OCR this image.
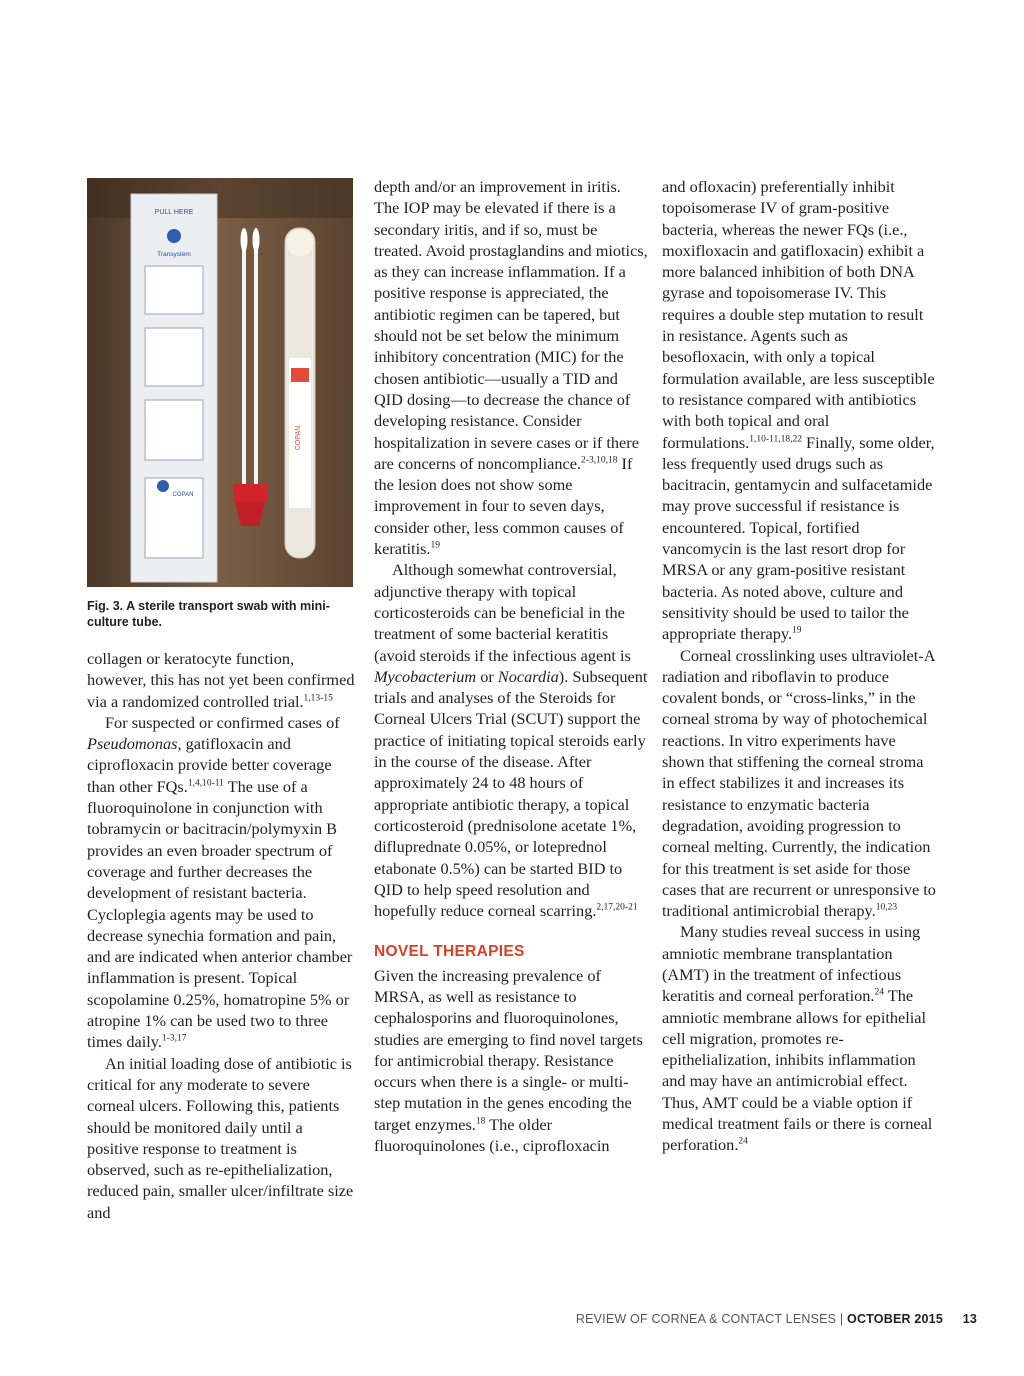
PULL HERE
Transystem
COPAN
COPAN
Fig. 3. A sterile transport swab with mini-culture tube.

collagen or keratocyte function, however, this has not yet been confirmed via a randomized controlled trial.$^{1,13-15}$

For suspected or confirmed cases of Pseudomonas, gatifloxacin and ciprofloxacin provide better coverage than other FQs.$^{1,4,10-11}$ The use of a fluoroquinolone in conjunction with tobramycin or bacitracin/polymyxin B provides an even broader spectrum of coverage and further decreases the development of resistant bacteria. Cycloplegia agents may be used to decrease synechia formation and pain, and are indicated when anterior chamber inflammation is present. Topical scopolamine 0.25%, homatropine 5% or atropine 1% can be used two to three times daily.$^{1-3,17}$

An initial loading dose of antibiotic is critical for any moderate to severe corneal ulcers. Following this, patients should be monitored daily until a positive response to treatment is observed, such as re-epithelialization, reduced pain, smaller ulcer/infiltrate size and

depth and/or an improvement in iritis. The IOP may be elevated if there is a secondary iritis, and if so, must be treated. Avoid prostaglandins and miotics, as they can increase inflammation. If a positive response is appreciated, the antibiotic regimen can be tapered, but should not be set below the minimum inhibitory concentration (MIC) for the chosen antibiotic—usually a TID and QID dosing—to decrease the chance of developing resistance. Consider hospitalization in severe cases or if there are concerns of noncompliance.$^{2-3,10,18}$ If the lesion does not show some improvement in four to seven days, consider other, less common causes of keratitis.$^{19}$

Although somewhat controversial, adjunctive therapy with topical corticosteroids can be beneficial in the treatment of some bacterial keratitis (avoid steroids if the infectious agent is Mycobacterium or Nocardia). Subsequent trials and analyses of the Steroids for Corneal Ulcers Trial (SCUT) support the practice of initiating topical steroids early in the course of the disease. After approximately 24 to 48 hours of appropriate antibiotic therapy, a topical corticosteroid (prednisolone acetate 1%, difluprednate 0.05%, or loteprednol etabonate 0.5%) can be started BID to QID to help speed resolution and hopefully reduce corneal scarring.$^{2,17,20-21}$

NOVEL THERAPIES

Given the increasing prevalence of MRSA, as well as resistance to cephalosporins and fluoroquinolones, studies are emerging to find novel targets for antimicrobial therapy. Resistance occurs when there is a single- or multi-step mutation in the genes encoding the target enzymes.$^{18}$ The older fluoroquinolones (i.e., ciprofloxacin

and ofloxacin) preferentially inhibit topoisomerase IV of gram-positive bacteria, whereas the newer FQs (i.e., moxifloxacin and gatifloxacin) exhibit a more balanced inhibition of both DNA gyrase and topoisomerase IV. This requires a double step mutation to result in resistance. Agents such as besofloxacin, with only a topical formulation available, are less susceptible to resistance compared with antibiotics with both topical and oral formulations.$^{1,10-11,18,22}$ Finally, some older, less frequently used drugs such as bacitracin, gentamycin and sulfacetamide may prove successful if resistance is encountered. Topical, fortified vancomycin is the last resort drop for MRSA or any gram-positive resistant bacteria. As noted above, culture and sensitivity should be used to tailor the appropriate therapy.$^{19}$

Corneal crosslinking uses ultraviolet-A radiation and riboflavin to produce covalent bonds, or “cross-links,” in the corneal stroma by way of photochemical reactions. In vitro experiments have shown that stiffening the corneal stroma in effect stabilizes it and increases its resistance to enzymatic bacteria degradation, avoiding progression to corneal melting. Currently, the indication for this treatment is set aside for those cases that are recurrent or unresponsive to traditional antimicrobial therapy.$^{10,23}$

Many studies reveal success in using amniotic membrane transplantation (AMT) in the treatment of infectious keratitis and corneal perforation.$^{24}$ The amniotic membrane allows for epithelial cell migration, promotes re-epithelialization, inhibits inflammation and may have an antimicrobial effect. Thus, AMT could be a viable option if medical treatment fails or there is corneal perforation.$^{24}$

REVIEW OF CORNEA & CONTACT LENSES | OCTOBER 2015 13
